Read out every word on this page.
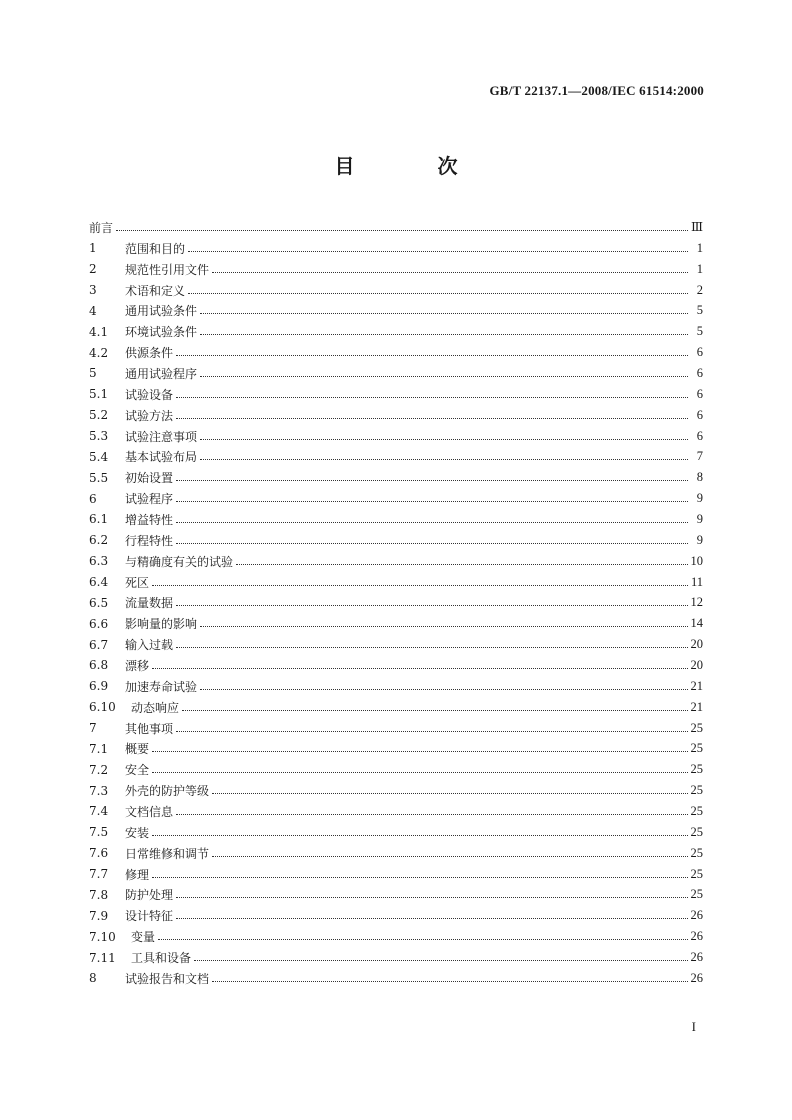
GB/T 22137.1—2008/IEC 61514:2000
目 次
前言	Ⅲ
1	范围和目的	1
2	规范性引用文件	1
3	术语和定义	2
4	通用试验条件	5
4.1	环境试验条件	5
4.2	供源条件	6
5	通用试验程序	6
5.1	试验设备	6
5.2	试验方法	6
5.3	试验注意事项	6
5.4	基本试验布局	7
5.5	初始设置	8
6	试验程序	9
6.1	增益特性	9
6.2	行程特性	9
6.3	与精确度有关的试验	10
6.4	死区	11
6.5	流量数据	12
6.6	影响量的影响	14
6.7	输入过载	20
6.8	漂移	20
6.9	加速寿命试验	21
6.10	动态响应	21
7	其他事项	25
7.1	概要	25
7.2	安全	25
7.3	外壳的防护等级	25
7.4	文档信息	25
7.5	安装	25
7.6	日常维修和调节	25
7.7	修理	25
7.8	防护处理	25
7.9	设计特征	26
7.10	变量	26
7.11	工具和设备	26
8	试验报告和文档	26
I
